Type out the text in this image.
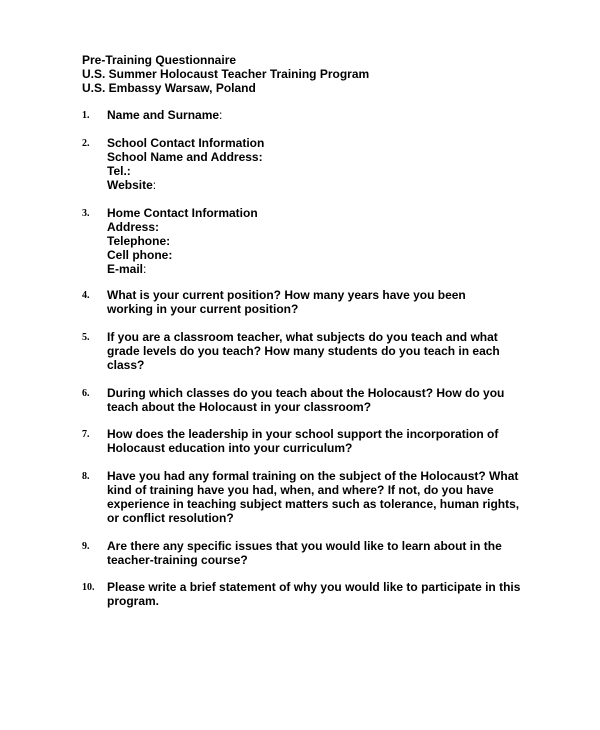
Pre-Training Questionnaire
U.S. Summer Holocaust Teacher Training Program
U.S. Embassy Warsaw, Poland
1. Name and Surname:
2. School Contact Information
School Name and Address:
Tel.:
Website:
3. Home Contact Information
Address:
Telephone:
Cell phone:
E-mail:
4. What is your current position? How many years have you been working in your current position?
5. If you are a classroom teacher, what subjects do you teach and what grade levels do you teach? How many students do you teach in each class?
6. During which classes do you teach about the Holocaust? How do you teach about the Holocaust in your classroom?
7. How does the leadership in your school support the incorporation of Holocaust education into your curriculum?
8. Have you had any formal training on the subject of the Holocaust? What kind of training have you had, when, and where? If not, do you have experience in teaching subject matters such as tolerance, human rights, or conflict resolution?
9. Are there any specific issues that you would like to learn about in the teacher-training course?
10. Please write a brief statement of why you would like to participate in this program.
